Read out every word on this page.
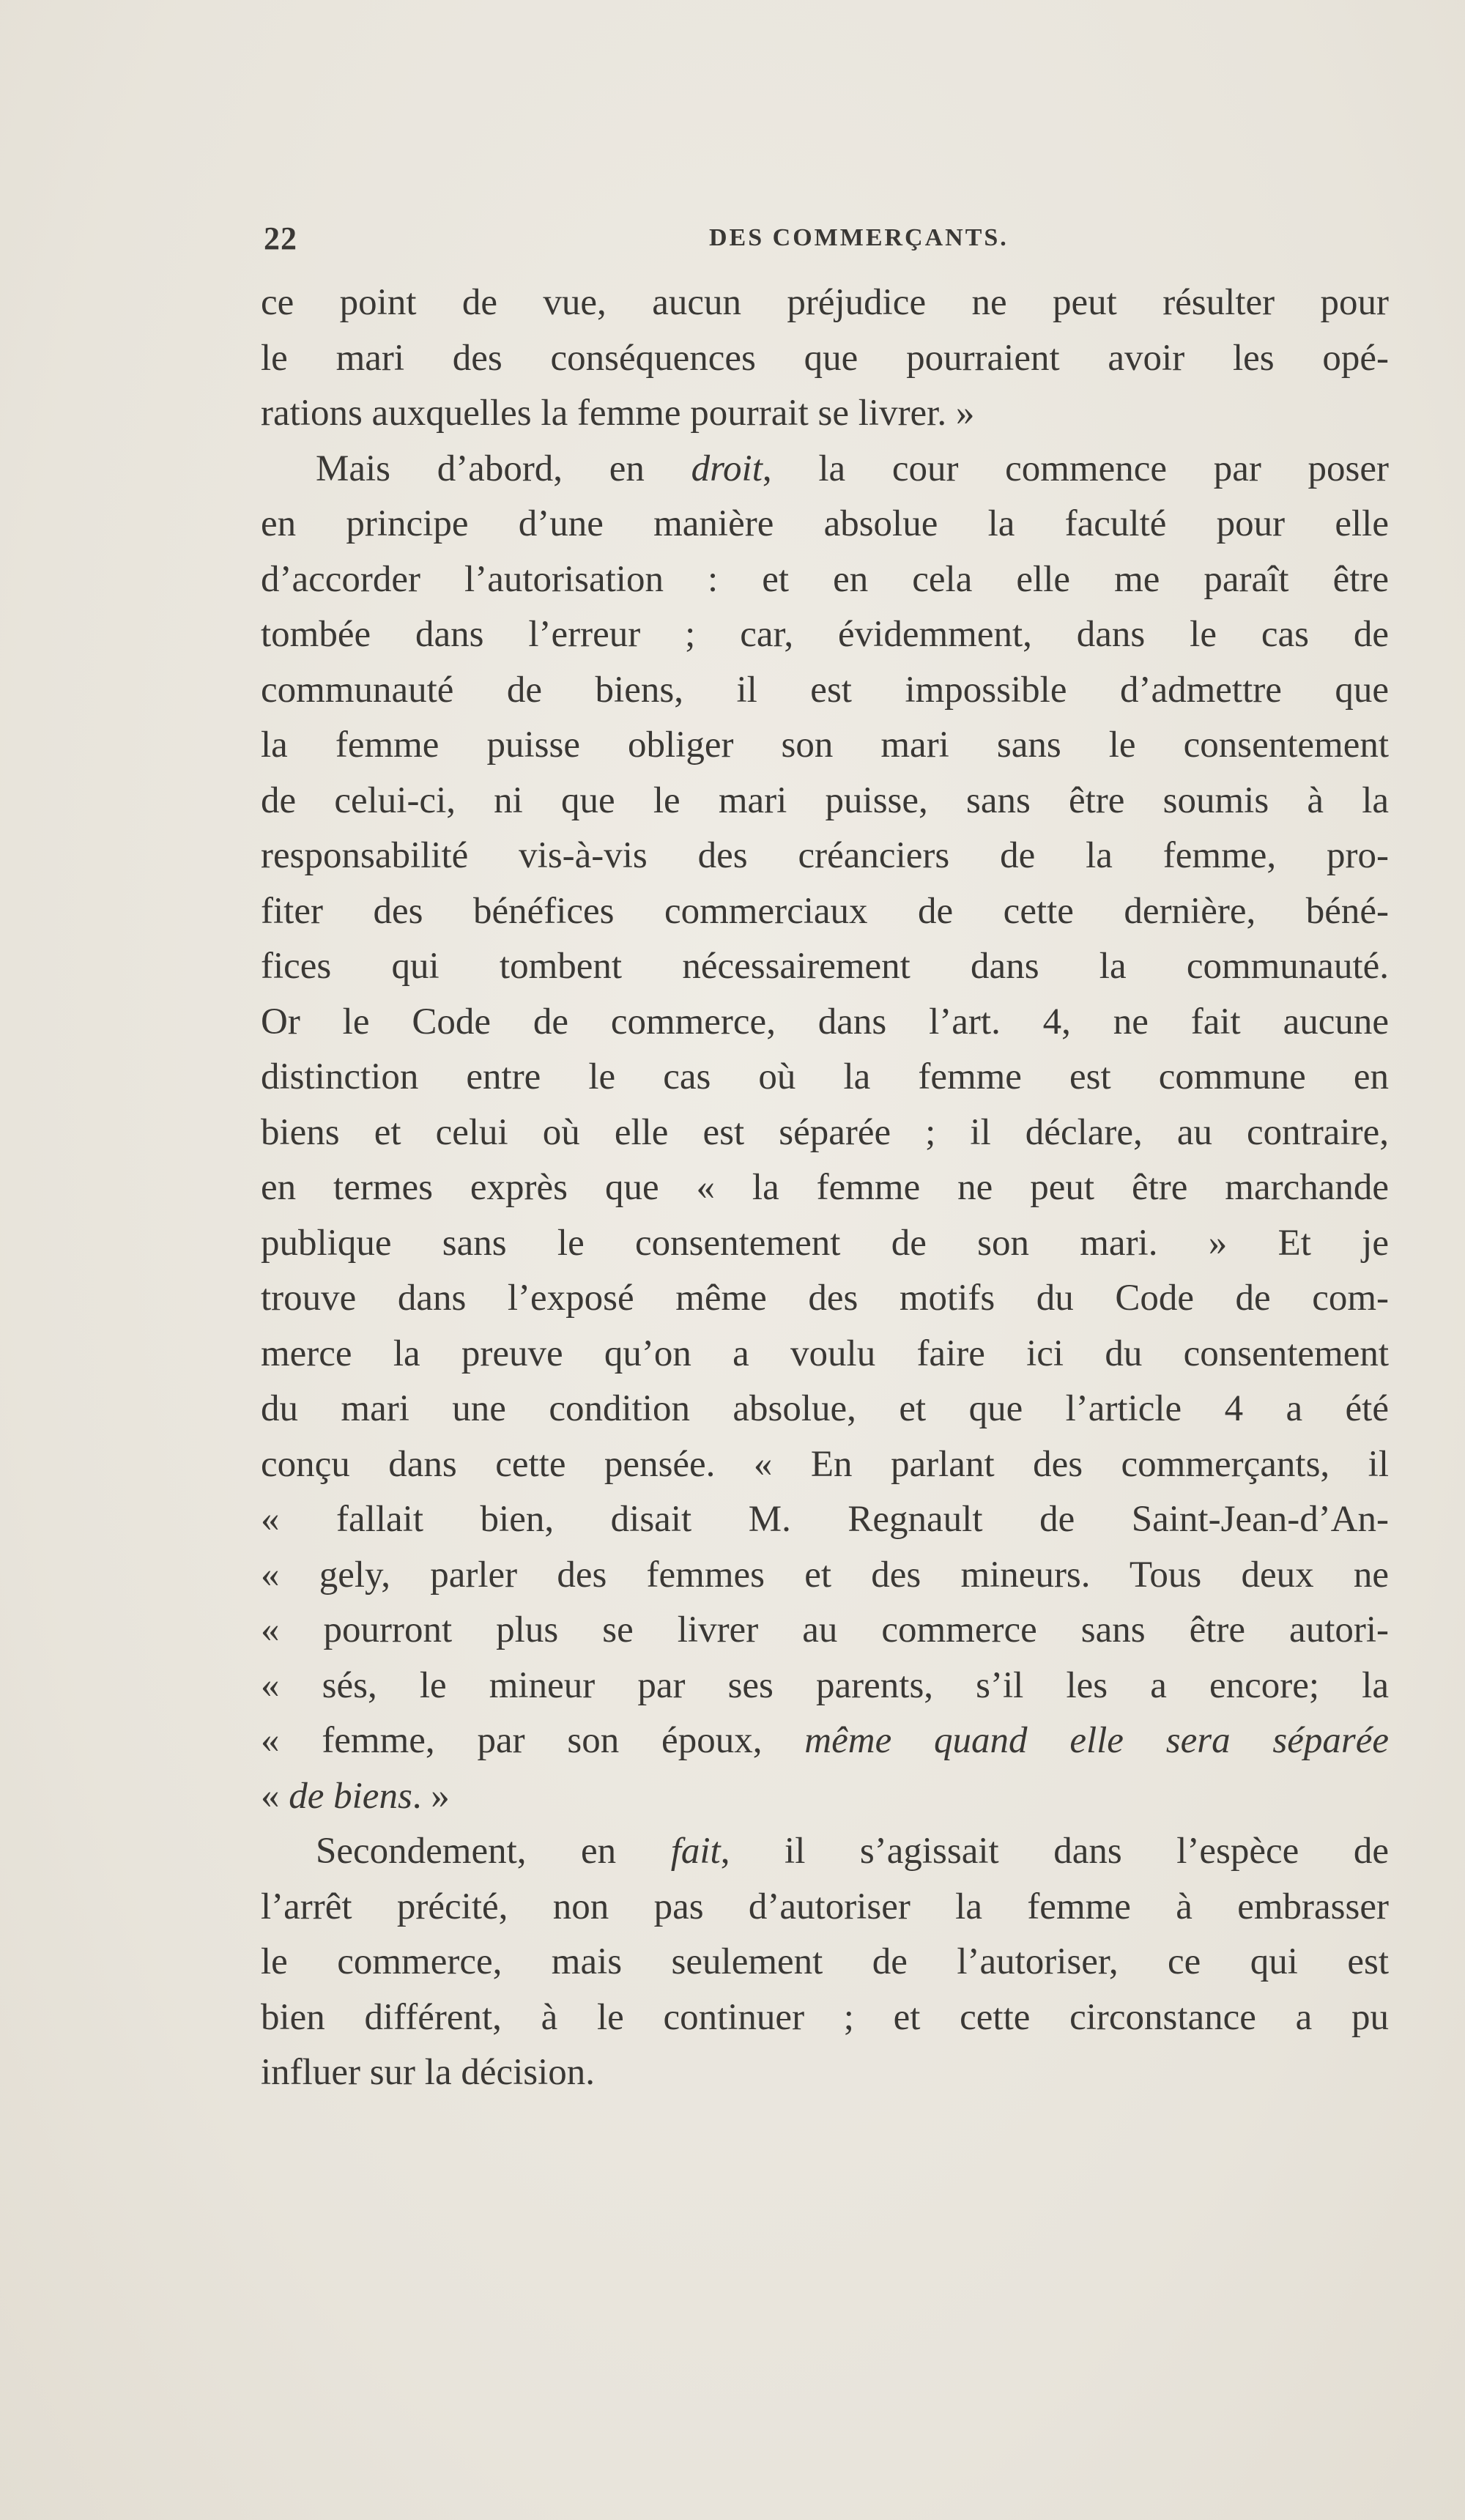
22	DES COMMERÇANTS.
ce point de vue, aucun préjudice ne peut résulter pour
le mari des conséquences que pourraient avoir les opé-
rations auxquelles la femme pourrait se livrer. »
Mais d’abord, en droit, la cour commence par poser
en principe d’une manière absolue la faculté pour elle
d’accorder l’autorisation : et en cela elle me paraît être
tombée dans l’erreur ; car, évidemment, dans le cas de
communauté de biens, il est impossible d’admettre que
la femme puisse obliger son mari sans le consentement
de celui-ci, ni que le mari puisse, sans être soumis à la
responsabilité vis-à-vis des créanciers de la femme, pro-
fiter des bénéfices commerciaux de cette dernière, béné-
fices qui tombent nécessairement dans la communauté.
Or le Code de commerce, dans l’art. 4, ne fait aucune
distinction entre le cas où la femme est commune en
biens et celui où elle est séparée ; il déclare, au contraire,
en termes exprès que « la femme ne peut être marchande
publique sans le consentement de son mari. » Et je
trouve dans l’exposé même des motifs du Code de com-
merce la preuve qu’on a voulu faire ici du consentement
du mari une condition absolue, et que l’article 4 a été
conçu dans cette pensée. « En parlant des commerçants, il
« fallait bien, disait M. Regnault de Saint-Jean-d’An-
« gely, parler des femmes et des mineurs. Tous deux ne
« pourront plus se livrer au commerce sans être autori-
« sés, le mineur par ses parents, s’il les a encore; la
« femme, par son époux, même quand elle sera séparée
« de biens. »
Secondement, en fait, il s’agissait dans l’espèce de
l’arrêt précité, non pas d’autoriser la femme à embrasser
le commerce, mais seulement de l’autoriser, ce qui est
bien différent, à le continuer ; et cette circonstance a pu
influer sur la décision.
